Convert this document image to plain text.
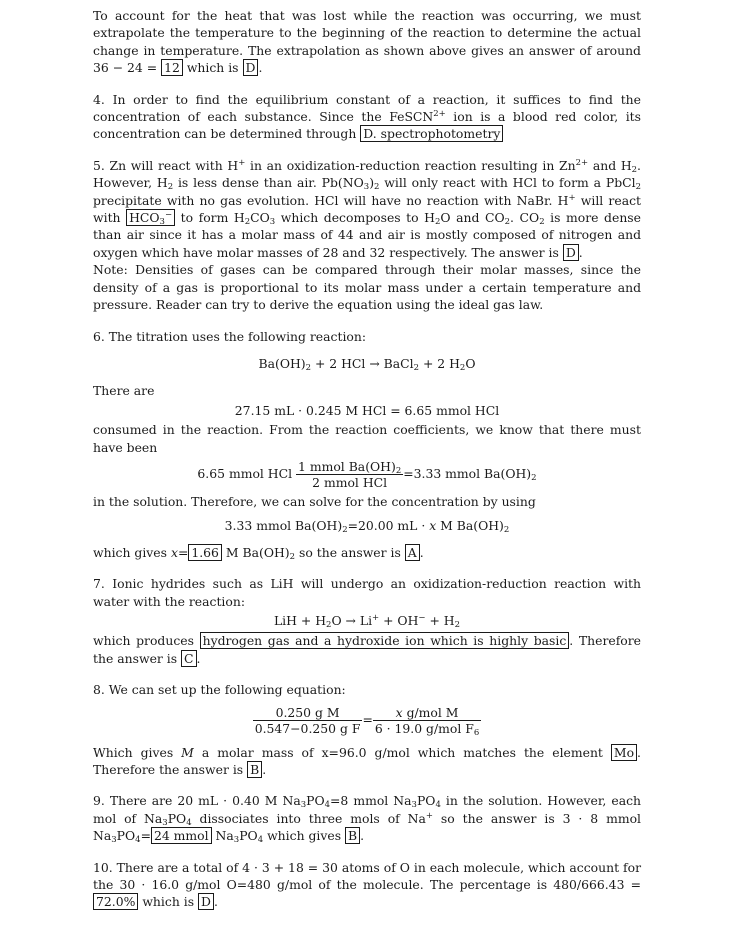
To account for the heat that was lost while the reaction was occurring, we must extrapolate the temperature to the beginning of the reaction to determine the actual change in temperature. The extrapolation as shown above gives an answer of around 36 − 24 = 12 which is D .

4. In order to find the equilibrium constant of a reaction, it suffices to find the concentration of each substance. Since the FeSCN$^{2+}$ ion is a blood red color, its concentration can be determined through D. spectrophotometry

5. Zn will react with H+ in an oxidization-reduction reaction resulting in $Zn^{2+}$ and $H_2$. However, $H_2$ is less dense than air. $Pb(NO_3)_2$ will only react with HCl to form a PbCl$_2$ precipitate with no gas evolution. HCl will have no reaction with NaBr. H+ will react with $HCO_3^-$ to form $H_2CO_3$ which decomposes to $H_2O$ and $CO_2$. $CO_2$ is more dense than air since it has a molar mass of 44 and air is mostly composed of nitrogen and oxygen which have molar masses of 28 and 32 respectively. The answer is D .

Note: Densities of gases can be compared through their molar masses, since the density of a gas is proportional to its molar mass under a certain temperature and pressure. Reader can try to derive the equation using the ideal gas law.

6. The titration uses the following reaction:

$Ba(OH)_2 + 2$ HCl → BaCl$_2$ + 2 $H_2O$

There are

27.15 mL · 0.245 M HCl = 6.65 mmol HCl

consumed in the reaction. From the reaction coefficients, we know that there must have been

6.65 mmol HCl $\frac{1 mmol Ba(OH)_2}{\text{2 mmol HCl}} =3.33$ mmol $Ba(OH)_2$

in the solution. Therefore, we can solve for the concentration by using

3.33 mmol $Ba(OH)_2=20.00$ mL · x M $Ba(OH)_2$

which gives x= 1.66 M $Ba(OH)_2$ so the answer is A .

7. Ionic hydrides such as LiH will undergo an oxidization-reduction reaction with water with the reaction:

LiH + $H_2O \to Li^+ + OH^- + H_2$

which produces hydrogen gas and a hydroxide ion which is highly basic . Therefore the answer is C .

8. We can set up the following equation:

$\frac{\text{0.250 g M}}{\text{0.547−0.250 g F}} = \frac{\text{x g/mol M}}{6 \cdot 19.0 g/mol F_6}$

Which gives M a molar mass of x=96.0 g/mol which matches the element Mo . Therefore the answer is B .

9. There are 20 mL · 0.40 M $Na_3PO_4=8$ mmol $Na_3PO_4$ in the solution. However, each mol of $Na_3PO_4$ dissociates into three mols of Na+ so the answer is 3 · 8 mmol $Na_3PO_4= 24$ mmol $Na_3PO_4$ which gives B .

10. There are a total of 4 · 3 + 18 = 30 atoms of O in each molecule, which account for the 30 · 16.0 g/mol O=480 g/mol of the molecule. The percentage is 480/666.43 = 72.0% which is D .
